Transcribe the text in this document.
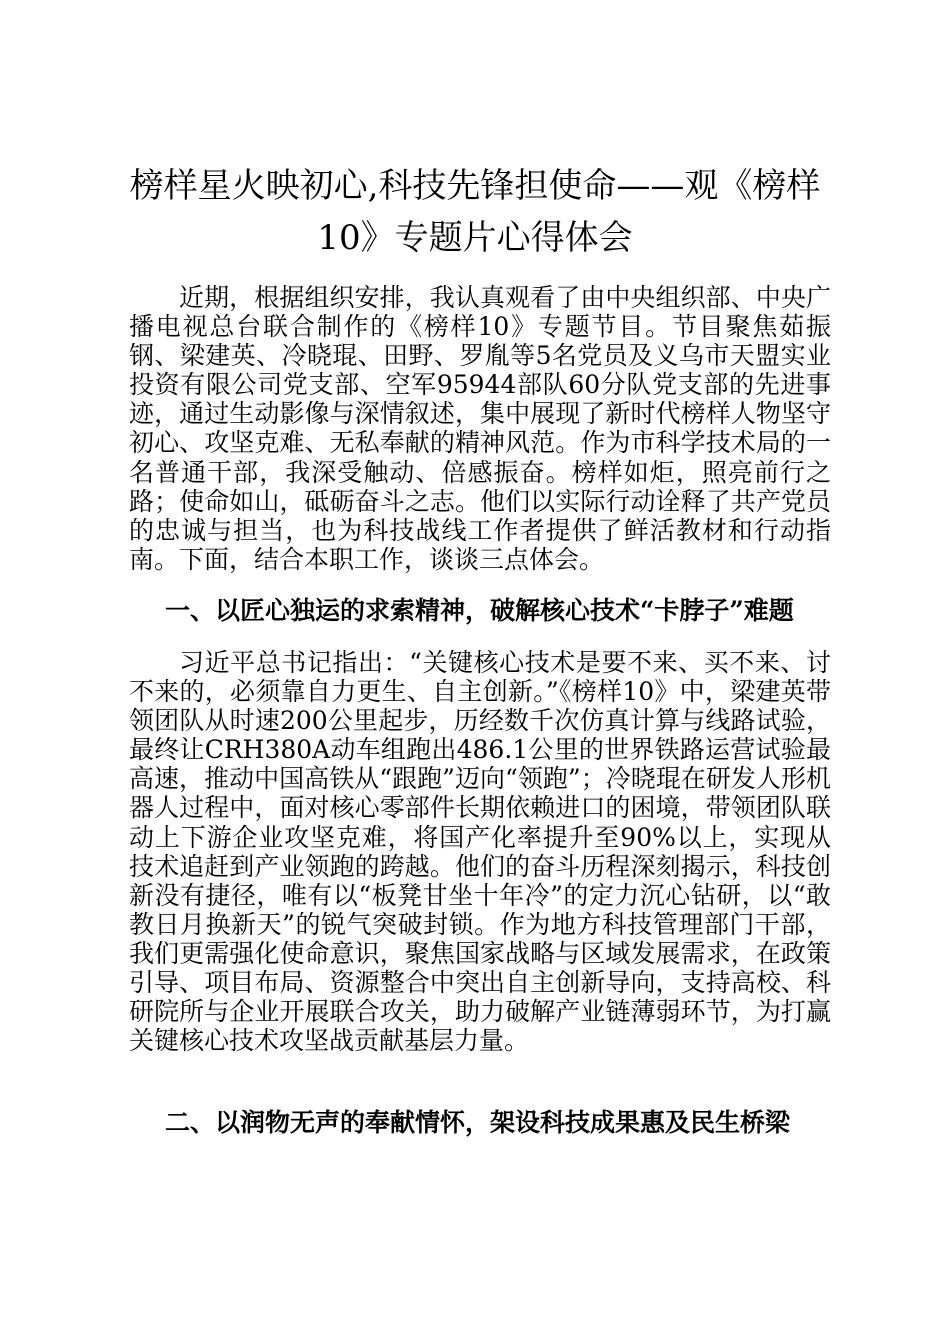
榜样星火映初心,科技先锋担使命——观《榜样10》专题片心得体会

近期，根据组织安排，我认真观看了由中央组织部、中央广播电视总台联合制作的《榜样10》专题节目。节目聚焦茹振钢、梁建英、冷晓琨、田野、罗胤等5名党员及义乌市天盟实业投资有限公司党支部、空军95944部队60分队党支部的先进事迹，通过生动影像与深情叙述，集中展现了新时代榜样人物坚守初心、攻坚克难、无私奉献的精神风范。作为市科学技术局的一名普通干部，我深受触动、倍感振奋。榜样如炬，照亮前行之路；使命如山，砥砺奋斗之志。他们以实际行动诠释了共产党员的忠诚与担当，也为科技战线工作者提供了鲜活教材和行动指南。下面，结合本职工作，谈谈三点体会。

一、以匠心独运的求索精神，破解核心技术“卡脖子”难题

习近平总书记指出：“关键核心技术是要不来、买不来、讨不来的，必须靠自力更生、自主创新。”《榜样10》中，梁建英带领团队从时速200公里起步，历经数千次仿真计算与线路试验，最终让CRH380A动车组跑出486.1公里的世界铁路运营试验最高速，推动中国高铁从“跟跑”迈向“领跑”；冷晓琨在研发人形机器人过程中，面对核心零部件长期依赖进口的困境，带领团队联动上下游企业攻坚克难，将国产化率提升至90%以上，实现从技术追赶到产业领跑的跨越。他们的奋斗历程深刻揭示，科技创新没有捷径，唯有以“板凳甘坐十年冷”的定力沉心钻研，以“敢教日月换新天”的锐气突破封锁。作为地方科技管理部门干部，我们更需强化使命意识，聚焦国家战略与区域发展需求，在政策引导、项目布局、资源整合中突出自主创新导向，支持高校、科研院所与企业开展联合攻关，助力破解产业链薄弱环节，为打赢关键核心技术攻坚战贡献基层力量。

二、以润物无声的奉献情怀，架设科技成果惠及民生桥梁
